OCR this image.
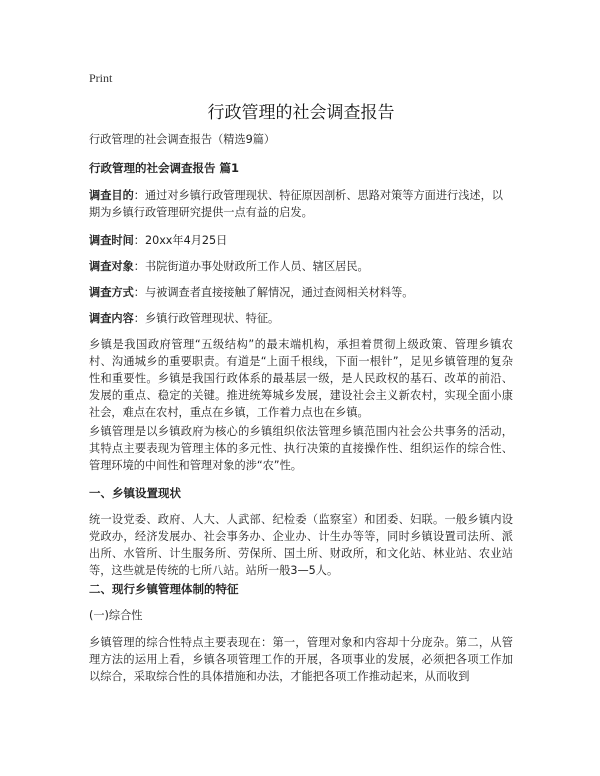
Print
行政管理的社会调查报告

行政管理的社会调查报告（精选9篇）

行政管理的社会调查报告 篇1

调查目的：通过对乡镇行政管理现状、特征原因剖析、思路对策等方面进行浅述，以期为乡镇行政管理研究提供一点有益的启发。

调查时间：20xx年4月25日

调查对象：书院街道办事处财政所工作人员、辖区居民。

调查方式：与被调查者直接接触了解情况，通过查阅相关材料等。

调查内容：乡镇行政管理现状、特征。

乡镇是我国政府管理“五级结构”的最末端机构，承担着贯彻上级政策、管理乡镇农村、沟通城乡的重要职责。有道是“上面千根线，下面一根针”，足见乡镇管理的复杂性和重要性。乡镇是我国行政体系的最基层一级，是人民政权的基石、改革的前沿、发展的重点、稳定的关键。推进统筹城乡发展，建设社会主义新农村，实现全面小康社会，难点在农村，重点在乡镇，工作着力点也在乡镇。

乡镇管理是以乡镇政府为核心的乡镇组织依法管理乡镇范围内社会公共事务的活动，其特点主要表现为管理主体的多元性、执行决策的直接操作性、组织运作的综合性、管理环境的中间性和管理对象的涉“农”性。

一、乡镇设置现状

统一设党委、政府、人大、人武部、纪检委（监察室）和团委、妇联。一般乡镇内设党政办，经济发展办、社会事务办、企业办、计生办等等，同时乡镇设置司法所、派出所、水管所、计生服务所、劳保所、国土所、财政所，和文化站、林业站、农业站等，这些就是传统的七所八站。站所一般3—5人。

二、现行乡镇管理体制的特征

(一)综合性

乡镇管理的综合性特点主要表现在：第一，管理对象和内容却十分庞杂。第二，从管理方法的运用上看，乡镇各项管理工作的开展，各项事业的发展，必须把各项工作加以综合，采取综合性的具体措施和办法，才能把各项工作推动起来，从而收到
